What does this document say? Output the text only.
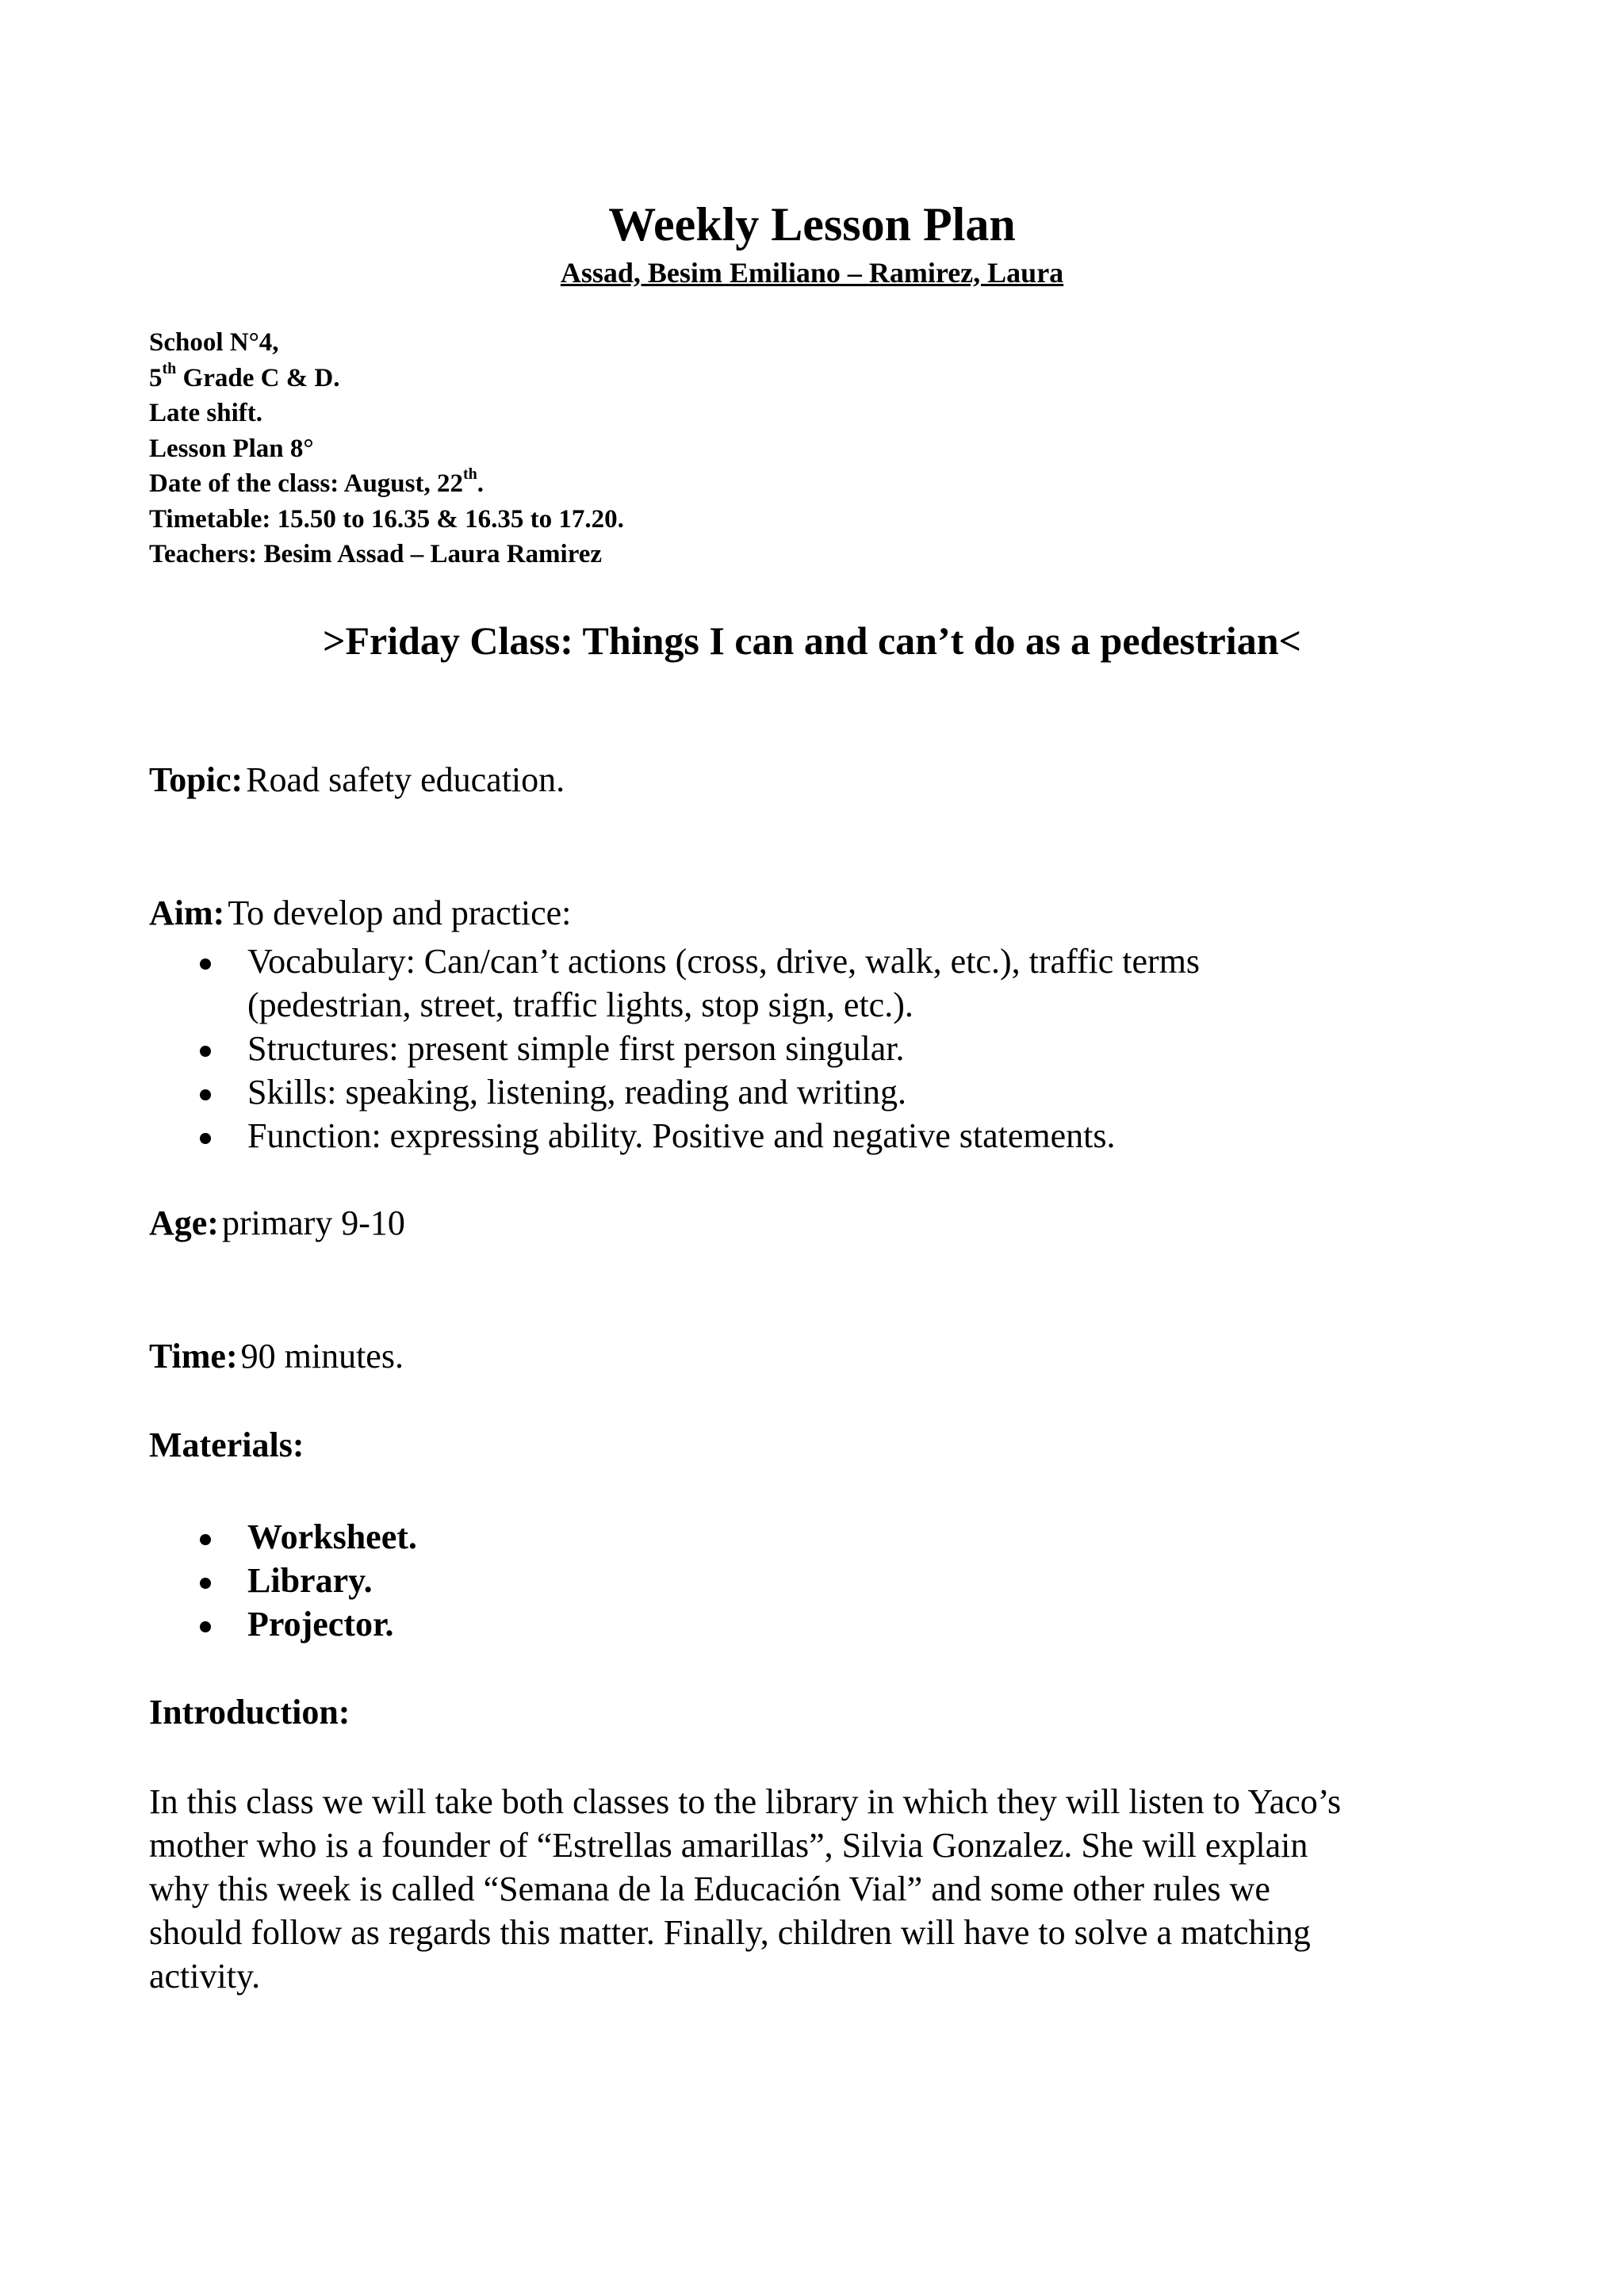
Weekly Lesson Plan
Assad, Besim Emiliano – Ramirez, Laura
School N°4,
5th Grade C & D.
Late shift.
Lesson Plan 8°
Date of the class: August, 22th.
Timetable: 15.50 to 16.35 & 16.35 to 17.20.
Teachers: Besim Assad – Laura Ramirez
>Friday Class: Things I can and can’t do as a pedestrian<
Topic: Road safety education.
Aim: To develop and practice:
Vocabulary: Can/can’t actions (cross, drive, walk, etc.), traffic terms
(pedestrian, street, traffic lights, stop sign, etc.).
Structures: present simple first person singular.
Skills: speaking, listening, reading and writing.
Function: expressing ability. Positive and negative statements.
Age: primary 9-10
Time: 90 minutes.
Materials:
Worksheet.
Library.
Projector.
Introduction:
In this class we will take both classes to the library in which they will listen to Yaco’s
mother who is a founder of “Estrellas amarillas”, Silvia Gonzalez. She will explain
why this week is called “Semana de la Educación Vial” and some other rules we
should follow as regards this matter. Finally, children will have to solve a matching
activity.
